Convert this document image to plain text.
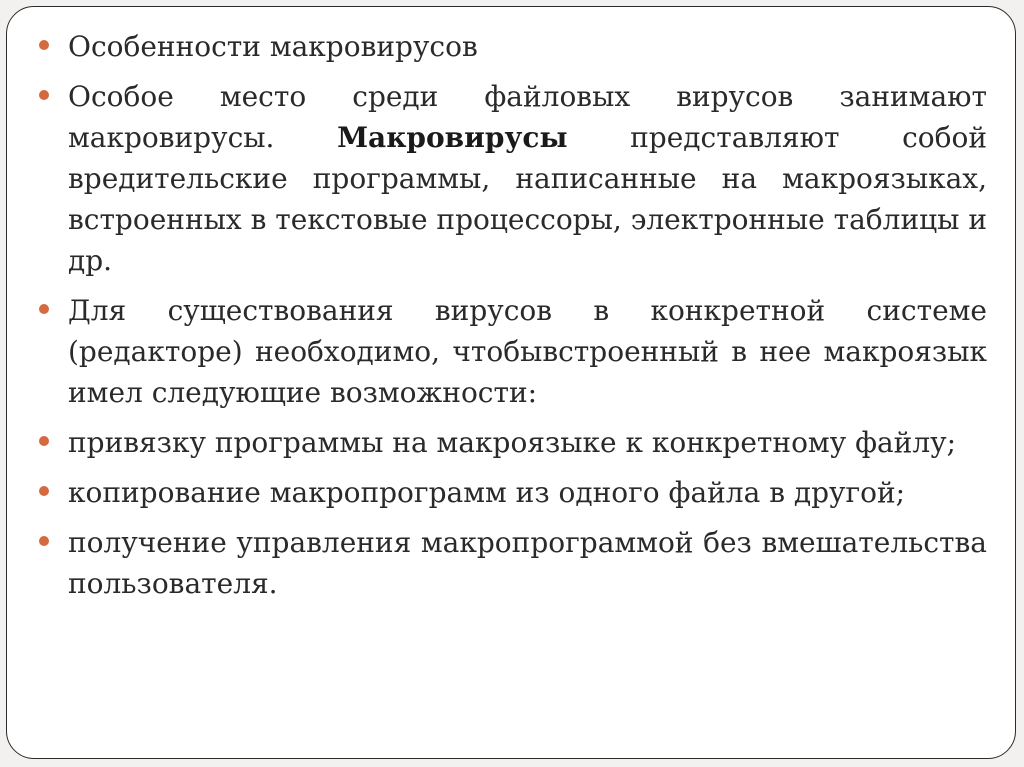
Особенности макровирусов
Особое место среди файловых вирусов занимают макровирусы. Макровирусы представляют собой вредительские программы, написанные на макроязыках, встроенных в текстовые процессоры, электронные таблицы и др.
Для существования вирусов в конкретной системе (редакторе) необходимо, чтобывстроенный в нее макроязык имел следующие возможности:
привязку программы на макроязыке к конкретному файлу;
копирование макропрограмм из одного файла в другой;
получение управления макропрограммой без вмешательства пользователя.
